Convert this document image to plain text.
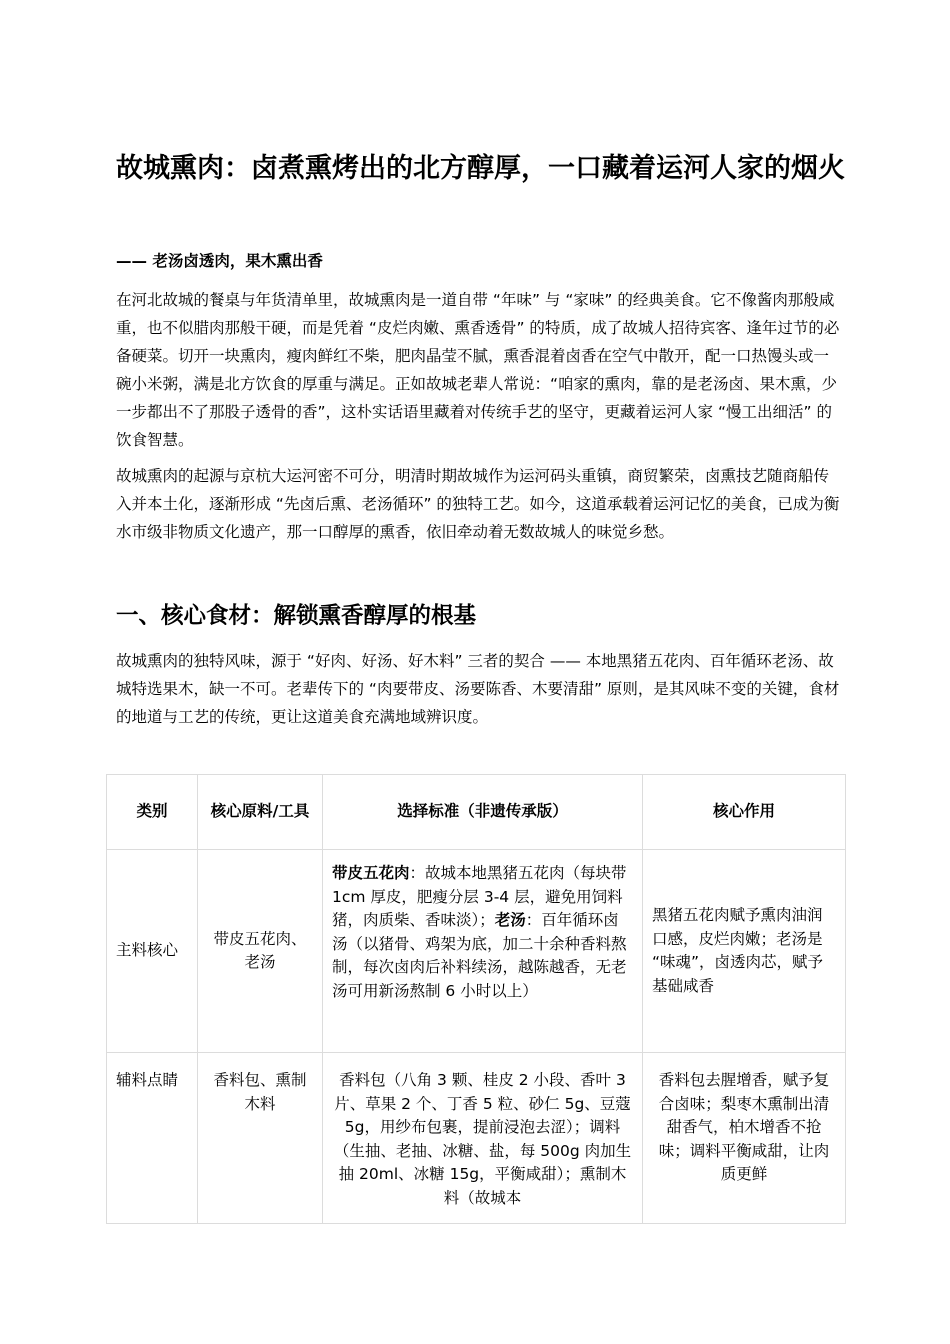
故城熏肉：卤煮熏烤出的北方醇厚，一口藏着运河人家的烟火

—— 老汤卤透肉，果木熏出香

在河北故城的餐桌与年货清单里，故城熏肉是一道自带 “年味” 与 “家味” 的经典美食。它不像酱肉那般咸重，也不似腊肉那般干硬，而是凭着 “皮烂肉嫩、熏香透骨” 的特质，成了故城人招待宾客、逢年过节的必备硬菜。切开一块熏肉，瘦肉鲜红不柴，肥肉晶莹不腻，熏香混着卤香在空气中散开，配一口热馒头或一碗小米粥，满是北方饮食的厚重与满足。正如故城老辈人常说：“咱家的熏肉，靠的是老汤卤、果木熏，少一步都出不了那股子透骨的香”，这朴实话语里藏着对传统手艺的坚守，更藏着运河人家 “慢工出细活” 的饮食智慧。

故城熏肉的起源与京杭大运河密不可分，明清时期故城作为运河码头重镇，商贸繁荣，卤熏技艺随商船传入并本土化，逐渐形成 “先卤后熏、老汤循环” 的独特工艺。如今，这道承载着运河记忆的美食，已成为衡水市级非物质文化遗产，那一口醇厚的熏香，依旧牵动着无数故城人的味觉乡愁。

一、核心食材：解锁熏香醇厚的根基

故城熏肉的独特风味，源于 “好肉、好汤、好木料” 三者的契合 —— 本地黑猪五花肉、百年循环老汤、故城特选果木，缺一不可。老辈传下的 “肉要带皮、汤要陈香、木要清甜” 原则，是其风味不变的关键，食材的地道与工艺的传统，更让这道美食充满地域辨识度。

类别	核心原料/工具	选择标准（非遗传承版）	核心作用
主料核心	带皮五花肉、老汤	带皮五花肉：故城本地黑猪五花肉（每块带 1cm 厚皮，肥瘦分层 3-4 层，避免用饲料猪，肉质柴、香味淡）；老汤：百年循环卤汤（以猪骨、鸡架为底，加二十余种香料熬制，每次卤肉后补料续汤，越陈越香，无老汤可用新汤熬制 6 小时以上）	黑猪五花肉赋予熏肉油润口感，皮烂肉嫩；老汤是 “味魂”，卤透肉芯，赋予基础咸香
辅料点睛	香料包、熏制木料	香料包（八角 3 颗、桂皮 2 小段、香叶 3 片、草果 2 个、丁香 5 粒、砂仁 5g、豆蔻 5g，用纱布包裹，提前浸泡去涩）；调料（生抽、老抽、冰糖、盐，每 500g 肉加生抽 20ml、冰糖 15g，平衡咸甜）；熏制木料（故城本	香料包去腥增香，赋予复合卤味；梨枣木熏制出清甜香气，柏木增香不抢味；调料平衡咸甜，让肉质更鲜
